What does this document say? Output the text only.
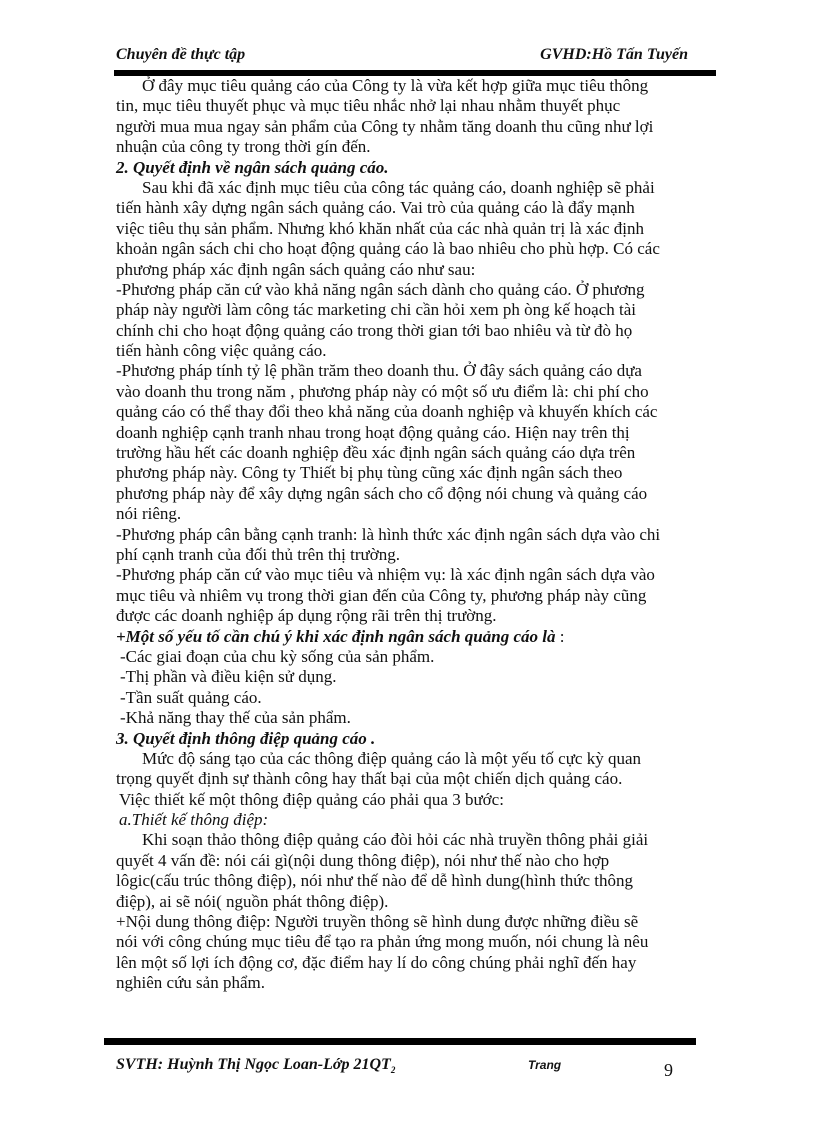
Chuyên đề thực tập	GVHD:Hồ Tấn Tuyến
Ở đây mục tiêu quảng cáo của Công ty là vừa kết hợp giữa mục tiêu thông
tin, mục tiêu thuyết phục và mục tiêu nhắc nhở lại nhau nhằm thuyết phục
người mua mua ngay sản phẩm của Công ty nhằm tăng doanh thu cũng như lợi
nhuận của công ty trong thời gín đến.
2. Quyết định về ngân sách quảng cáo.
Sau khi đã xác định mục tiêu của công tác quảng cáo, doanh nghiệp sẽ phải
tiến hành xây dựng ngân sách quảng cáo. Vai trò của quảng cáo là đẩy mạnh
việc tiêu thụ sản phẩm. Nhưng khó khăn nhất của các nhà quản trị là xác định
khoản ngân sách chi cho hoạt động quảng cáo là bao nhiêu cho phù hợp. Có các
phương pháp xác định ngân sách quảng cáo như sau:
-Phương pháp căn cứ vào khả năng ngân sách dành cho quảng cáo. Ở phương
pháp này người làm công tác marketing chi cần hỏi xem ph òng kế hoạch tài
chính chi cho hoạt động quảng cáo trong thời gian tới bao nhiêu và từ đò họ
tiến hành công việc quảng cáo.
-Phương pháp tính tỷ lệ phần trăm theo doanh thu. Ở đây sách quảng cáo dựa
vào doanh thu trong năm , phương pháp này có một số ưu điểm là: chi phí cho
quảng cáo có thể thay đổi theo khả năng của doanh nghiệp và khuyến khích các
doanh nghiệp cạnh tranh nhau trong hoạt động quảng cáo. Hiện nay trên thị
trường hầu hết các doanh nghiệp đều xác định ngân sách quảng cáo dựa trên
phương pháp này. Công ty Thiết bị phụ tùng cũng xác định ngân sách theo
phương pháp này để xây dựng ngân sách cho cổ động nói chung và quảng cáo
nói riêng.
-Phương pháp cân bằng cạnh tranh: là hình thức xác định ngân sách dựa vào chi
phí cạnh tranh của đối thủ trên thị trường.
-Phương pháp căn cứ vào mục tiêu và nhiệm vụ: là xác định ngân sách dựa vào
mục tiêu và nhiêm vụ trong thời gian đến của Công ty, phương pháp này cũng
được các doanh nghiệp áp dụng rộng rãi trên thị trường.
+Một số yếu tố cần chú ý khi xác định ngân sách quảng cáo là :
-Các giai đoạn của chu kỳ sống của sản phẩm.
-Thị phần và điều kiện sử dụng.
-Tần suất quảng cáo.
-Khả năng thay thế của sản phẩm.
3. Quyết định thông điệp quảng cáo .
Mức độ sáng tạo của các thông điệp quảng cáo là một yếu tố cực kỳ quan
trọng quyết định sự thành công hay thất bại của một chiến dịch quảng cáo.
Việc thiết kế một thông điệp quảng cáo phải qua 3 bước:
a.Thiết kế thông điệp:
Khi soạn thảo thông điệp quảng cáo đòi hỏi các nhà truyền thông phải giải
quyết 4 vấn đề: nói cái gì(nội dung thông điệp), nói như thế nào cho hợp
lôgic(cấu trúc thông điệp), nói như thế nào để dễ hình dung(hình thức thông
điệp), ai sẽ nói( nguồn phát thông điệp).
+Nội dung thông điệp: Người truyền thông sẽ hình dung được những điều sẽ
nói với công chúng mục tiêu để tạo ra phản ứng mong muốn, nói chung là nêu
lên một số lợi ích động cơ, đặc điểm hay lí do công chúng phải nghĩ đến hay
nghiên cứu sản phẩm.
SVTH: Huỳnh Thị Ngọc Loan-Lớp $21QT_2$	Trang	9
